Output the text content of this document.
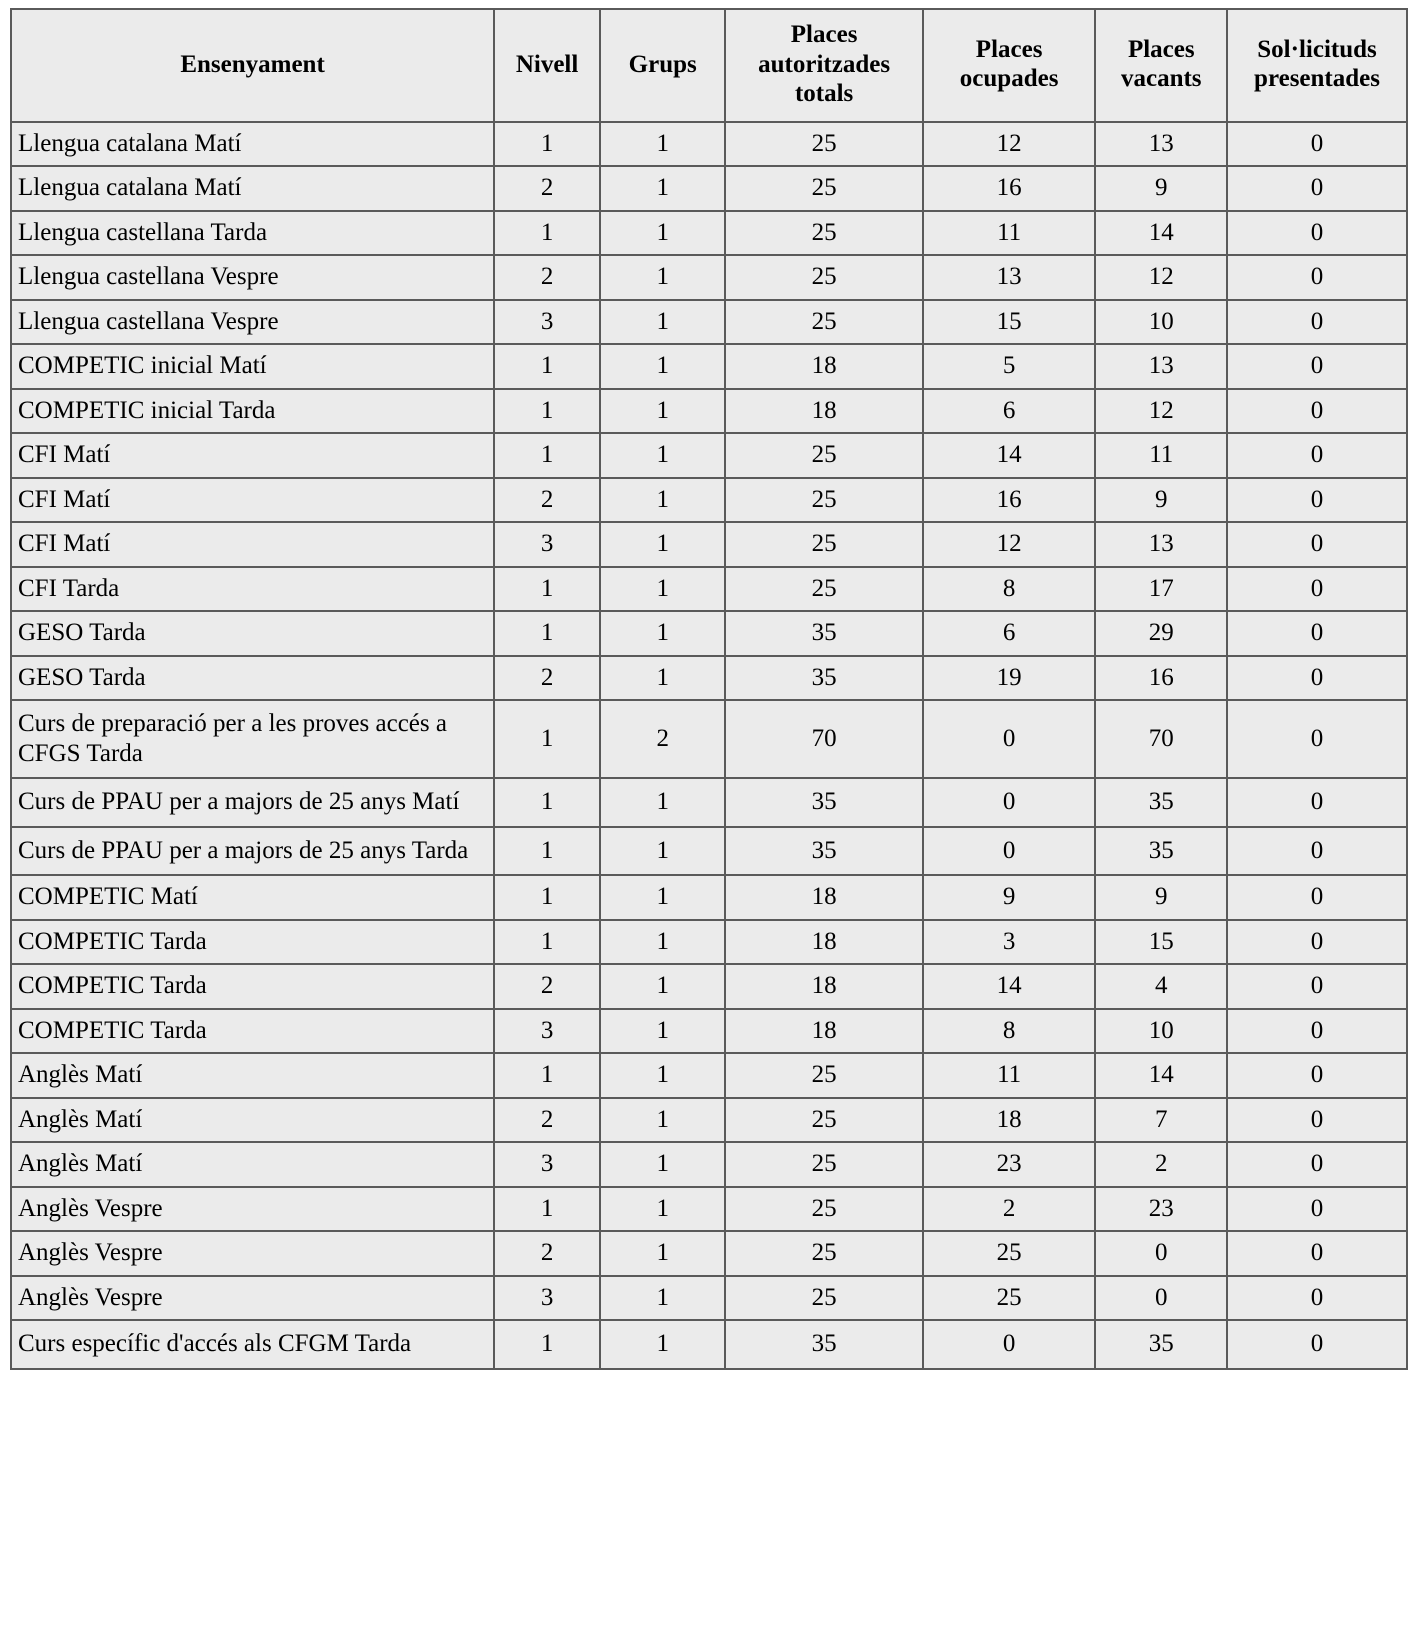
Ensenyament	Nivell	Grups	Places
autoritzades
totals	Places
ocupades	Places
vacants	Sol·licituds
presentades

Llengua catalana Matí	1	1	25	12	13	0
Llengua catalana Matí	2	1	25	16	9	0
Llengua castellana Tarda	1	1	25	11	14	0
Llengua castellana Vespre	2	1	25	13	12	0
Llengua castellana Vespre	3	1	25	15	10	0
COMPETIC inicial Matí	1	1	18	5	13	0
COMPETIC inicial Tarda	1	1	18	6	12	0
CFI Matí	1	1	25	14	11	0
CFI Matí	2	1	25	16	9	0
CFI Matí	3	1	25	12	13	0
CFI Tarda	1	1	25	8	17	0
GESO Tarda	1	1	35	6	29	0
GESO Tarda	2	1	35	19	16	0
Curs de preparació per a les proves accés a CFGS Tarda	1	2	70	0	70	0
Curs de PPAU per a majors de 25 anys Matí	1	1	35	0	35	0
Curs de PPAU per a majors de 25 anys Tarda	1	1	35	0	35	0
COMPETIC Matí	1	1	18	9	9	0
COMPETIC Tarda	1	1	18	3	15	0
COMPETIC Tarda	2	1	18	14	4	0
COMPETIC Tarda	3	1	18	8	10	0
Anglès Matí	1	1	25	11	14	0
Anglès Matí	2	1	25	18	7	0
Anglès Matí	3	1	25	23	2	0
Anglès Vespre	1	1	25	2	23	0
Anglès Vespre	2	1	25	25	0	0
Anglès Vespre	3	1	25	25	0	0
Curs específic d'accés als CFGM Tarda	1	1	35	0	35	0
